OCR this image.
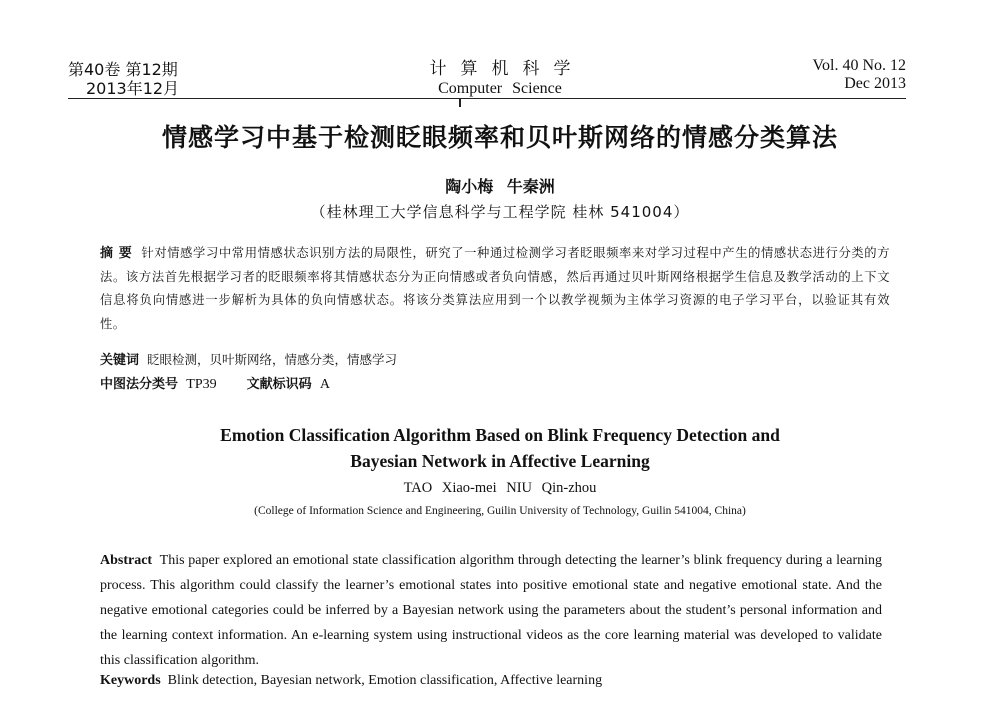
第40卷 第12期
2013年12月
计算机科学
Computer Science
Vol. 40 No. 12
Dec 2013
情感学习中基于检测眨眼频率和贝叶斯网络的情感分类算法
陶小梅 牛秦洲
（桂林理工大学信息科学与工程学院 桂林 541004）

摘 要 针对情感学习中常用情感状态识别方法的局限性，研究了一种通过检测学习者眨眼频率来对学习过程中产生的情感状态进行分类的方法。该方法首先根据学习者的眨眼频率将其情感状态分为正向情感或者负向情感，然后再通过贝叶斯网络根据学生信息及教学活动的上下文信息将负向情感进一步解析为具体的负向情感状态。将该分类算法应用到一个以教学视频为主体学习资源的电子学习平台，以验证其有效性。

关键词 眨眼检测，贝叶斯网络，情感分类，情感学习
中图法分类号 TP39 文献标识码 A
Emotion Classification Algorithm Based on Blink Frequency Detection and
Bayesian Network in Affective Learning
TAO Xiao-mei NIU Qin-zhou
(College of Information Science and Engineering, Guilin University of Technology, Guilin 541004, China)

Abstract This paper explored an emotional state classification algorithm through detecting the learner’s blink frequency during a learning process. This algorithm could classify the learner’s emotional states into positive emotional state and negative emotional state. And the negative emotional categories could be inferred by a Bayesian network using the parameters about the student’s personal information and the learning context information. An e-learning system using instructional videos as the core learning material was developed to validate this classification algorithm.

Keywords Blink detection, Bayesian network, Emotion classification, Affective learning
